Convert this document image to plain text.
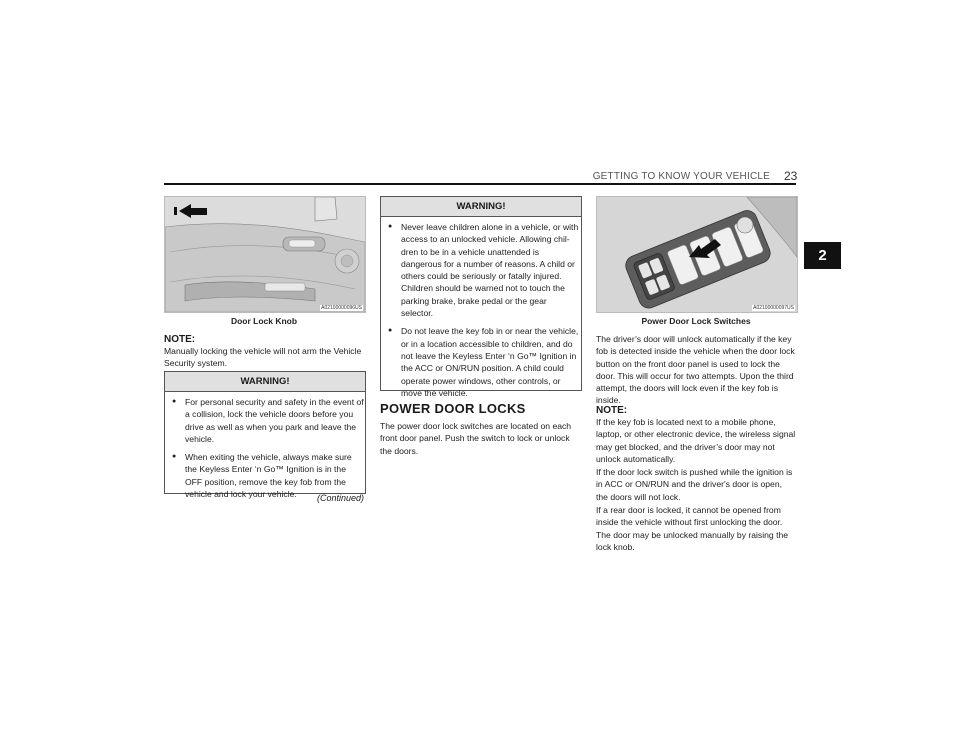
GETTING TO KNOW YOUR VEHICLE 23
2
A02100000096US
Door Lock Knob
NOTE:
Manually locking the vehicle will not arm the Vehicle Security system.
WARNING!
● For personal security and safety in the event of a collision, lock the vehicle doors before you drive as well as when you park and leave the vehicle.
● When exiting the vehicle, always make sure the Keyless Enter ‘n Go™ Ignition is in the OFF position, remove the key fob from the vehicle and lock your vehicle.	(Continued)
WARNING!
● Never leave children alone in a vehicle, or with access to an unlocked vehicle. Allowing chil-dren to be in a vehicle unattended is dangerous for a number of reasons. A child or others could be seriously or fatally injured. Children should be warned not to touch the parking brake, brake pedal or the gear selector.
● Do not leave the key fob in or near the vehicle, or in a location accessible to children, and do not leave the Keyless Enter ‘n Go™ Ignition in the ACC or ON/RUN position. A child could operate power windows, other controls, or move the vehicle.
POWER DOOR LOCKS
The power door lock switches are located on each front door panel. Push the switch to lock or unlock the doors.
A02100000097US
Power Door Lock Switches
The driver’s door will unlock automatically if the key fob is detected inside the vehicle when the door lock button on the front door panel is used to lock the door. This will occur for two attempts. Upon the third attempt, the doors will lock even if the key fob is inside.
NOTE:
If the key fob is located next to a mobile phone, laptop, or other electronic device, the wireless signal may get blocked, and the driver’s door may not unlock automatically.
If the door lock switch is pushed while the ignition is in ACC or ON/RUN and the driver's door is open, the doors will not lock.
If a rear door is locked, it cannot be opened from inside the vehicle without first unlocking the door. The door may be unlocked manually by raising the lock knob.
